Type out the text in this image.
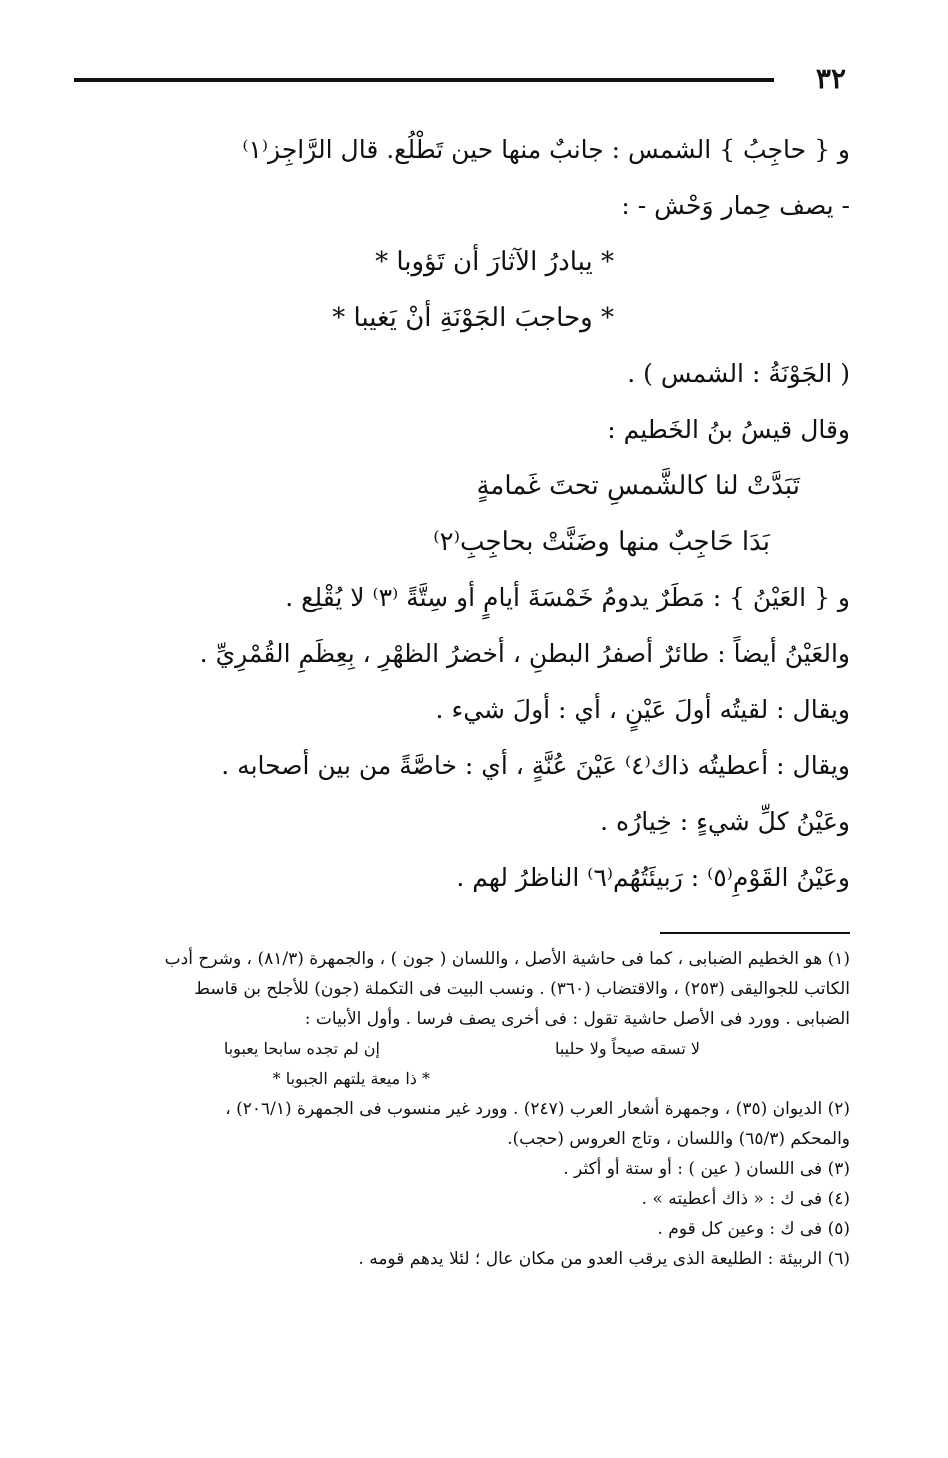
٣٢
و { حاجِبُ } الشمس : جانبٌ منها حين تَطْلُع. قال الرَّاجِز⁽١⁾
- يصف حِمار وَحْش - :
* يبادرُ الآثارَ أن تَؤوبا *
* وحاجبَ الجَوْنَةِ أنْ يَغيبا *
( الجَوْنَةُ : الشمس ) .
وقال قيسُ بنُ الخَطيم :
تَبَدَّتْ لنا كالشَّمسِ تحتَ غَمامةٍ
بَدَا حَاجِبٌ منها وضَنَّتْ بحاجِبِ⁽٢⁾
و { العَيْنُ } : مَطَرٌ يدومُ خَمْسَةَ أيامٍ أو سِتَّةً ⁽٣⁾ لا يُقْلِع .
والعَيْنُ أيضاً : طائرٌ أصفرُ البطنِ ، أخضرُ الظهْرِ ، بِعِظَمِ القُمْرِيِّ .
ويقال : لقيتُه أولَ عَيْنٍ ، أي : أولَ شيء .
ويقال : أعطيتُه ذاك⁽٤⁾ عَيْنَ عُنَّةٍ ، أي : خاصَّةً من بين أصحابه .
وعَيْنُ كلِّ شيءٍ : خِيارُه .
وعَيْنُ القَوْمِ⁽٥⁾ : رَبيئَتُهُم⁽٦⁾ الناظرُ لهم .
(١) هو الخطيم الضبابى ، كما فى حاشية الأصل ، واللسان ( جون ) ، والجمهرة (٨١/٣) ، وشرح أدب
الكاتب للجواليقى (٢٥٣) ، والاقتضاب (٣٦٠) . ونسب البيت فى التكملة (جون) للأجلح بن قاسط
الضبابى . وورد فى الأصل حاشية تقول : فى أخرى يصف فرسا . وأول الأبيات :
لا تسقه صيحاً ولا حليبا
إن لم تجده سابحا يعبوبا
* ذا ميعة يلتهم الجبوبا *
(٢) الديوان (٣٥) ، وجمهرة أشعار العرب (٢٤٧) . وورد غير منسوب فى الجمهرة (٢٠٦/١) ،
والمحكم (٦٥/٣) واللسان ، وتاج العروس (حجب).
(٣) فى اللسان ( عين ) : أو ستة أو أكثر .
(٤) فى ك : « ذاك أعطيته » .
(٥) فى ك : وعين كل قوم .
(٦) الربيئة : الطليعة الذى يرقب العدو من مكان عال ؛ لئلا يدهم قومه .
